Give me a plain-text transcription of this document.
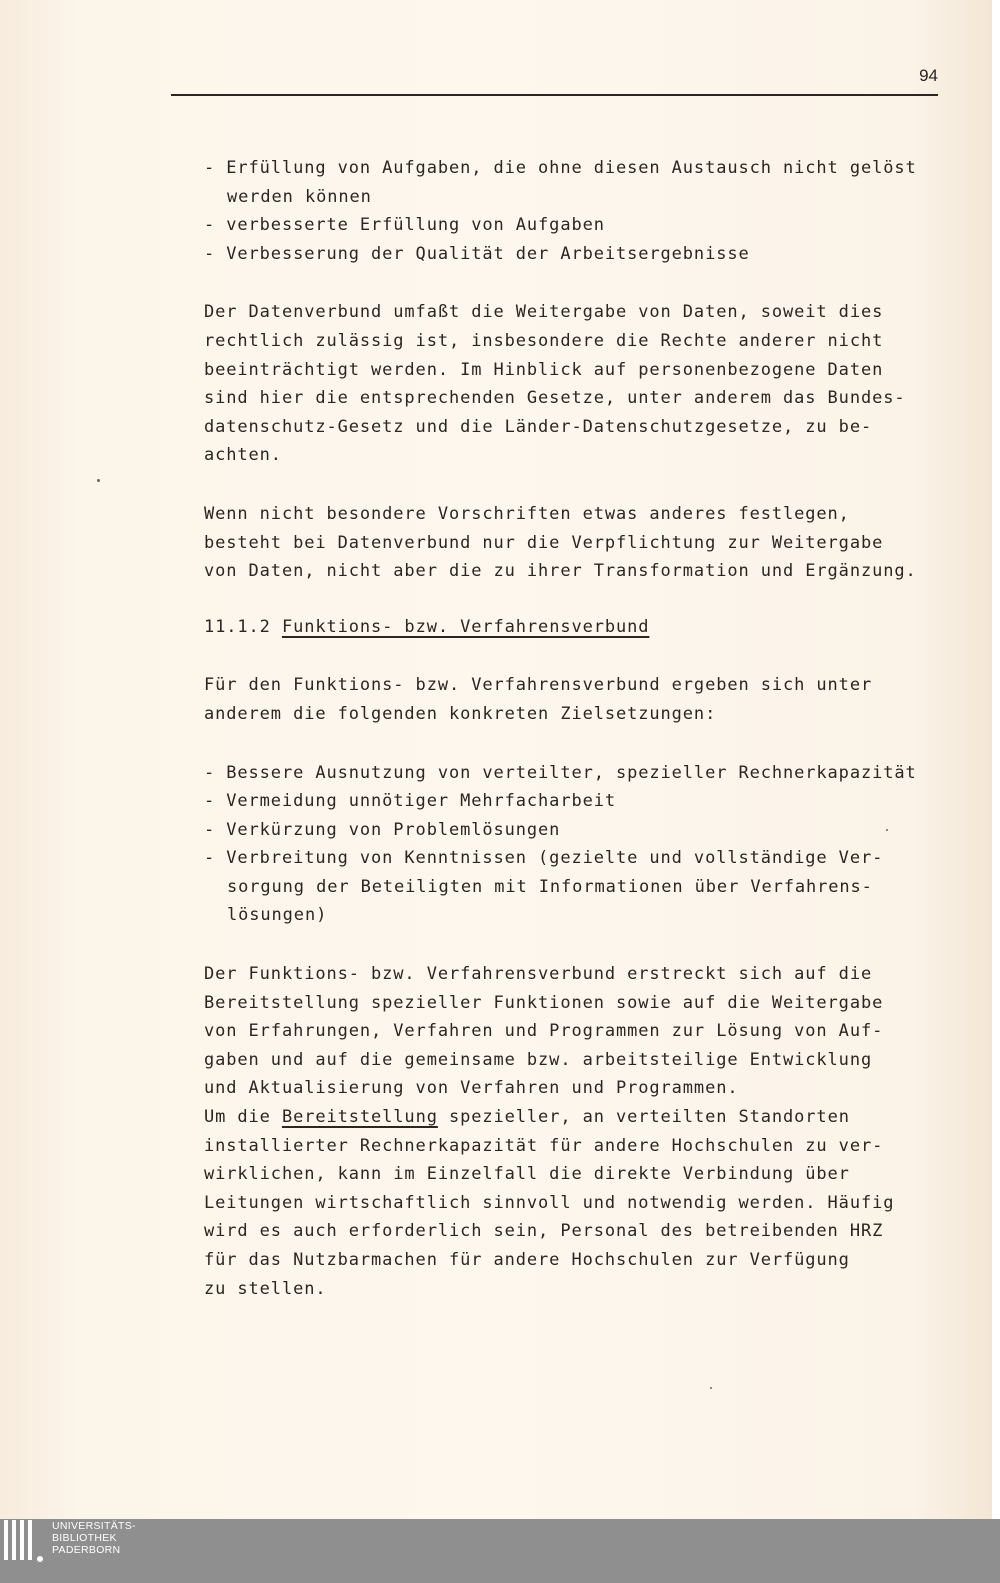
94
- Erfüllung von Aufgaben, die ohne diesen Austausch nicht gelöst
werden können
- verbesserte Erfüllung von Aufgaben
- Verbesserung der Qualität der Arbeitsergebnisse
Der Datenverbund umfaßt die Weitergabe von Daten, soweit dies
rechtlich zulässig ist, insbesondere die Rechte anderer nicht
beeinträchtigt werden. Im Hinblick auf personenbezogene Daten
sind hier die entsprechenden Gesetze, unter anderem das Bundes-
datenschutz-Gesetz und die Länder-Datenschutzgesetze, zu be-
achten.
Wenn nicht besondere Vorschriften etwas anderes festlegen,
besteht bei Datenverbund nur die Verpflichtung zur Weitergabe
von Daten, nicht aber die zu ihrer Transformation und Ergänzung.
11.1.2 Funktions- bzw. Verfahrensverbund
Für den Funktions- bzw. Verfahrensverbund ergeben sich unter
anderem die folgenden konkreten Zielsetzungen:
- Bessere Ausnutzung von verteilter, spezieller Rechnerkapazität
- Vermeidung unnötiger Mehrfacharbeit
- Verkürzung von Problemlösungen
- Verbreitung von Kenntnissen (gezielte und vollständige Ver-
sorgung der Beteiligten mit Informationen über Verfahrens-
lösungen)
Der Funktions- bzw. Verfahrensverbund erstreckt sich auf die
Bereitstellung spezieller Funktionen sowie auf die Weitergabe
von Erfahrungen, Verfahren und Programmen zur Lösung von Auf-
gaben und auf die gemeinsame bzw. arbeitsteilige Entwicklung
und Aktualisierung von Verfahren und Programmen.
Um die Bereitstellung spezieller, an verteilten Standorten
installierter Rechnerkapazität für andere Hochschulen zu ver-
wirklichen, kann im Einzelfall die direkte Verbindung über
Leitungen wirtschaftlich sinnvoll und notwendig werden. Häufig
wird es auch erforderlich sein, Personal des betreibenden HRZ
für das Nutzbarmachen für andere Hochschulen zur Verfügung
zu stellen.
UNIVERSITÄTS-
BIBLIOTHEK
PADERBORN
